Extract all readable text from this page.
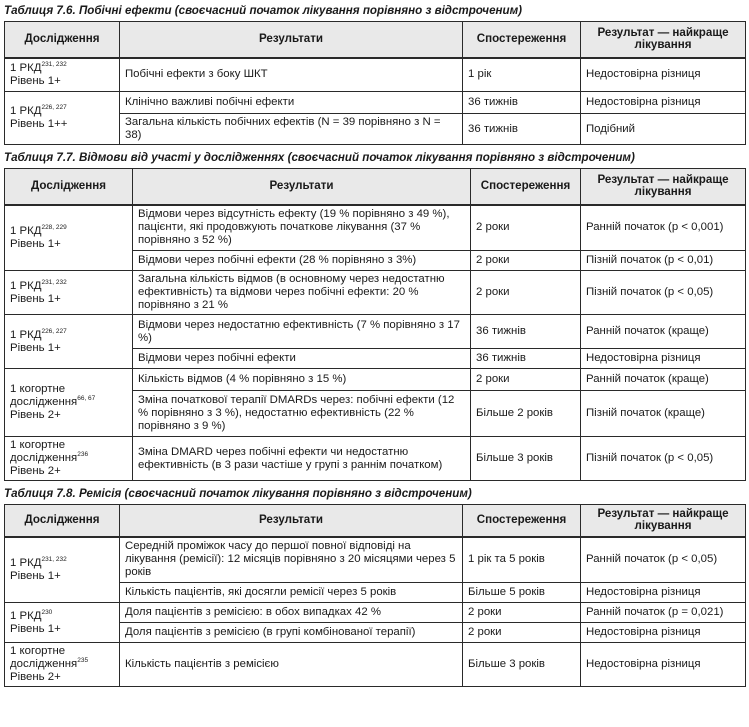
Таблиця 7.6. Побічні ефекти (своєчасний початок лікування порівняно з відстроченим)
Дослідження	Результати	Спостереження	Результат — найкраще лікування
1 РКД$^{231, 232}$
Рівень 1+	Побічні ефекти з боку ШКТ	1 рік	Недостовірна різниця
1 РКД$^{226, 227}$
Рівень 1++	Клінічно важливі побічні ефекти	36 тижнів	Недостовірна різниця
	Загальна кількість побічних ефектів (N = 39 порівняно з N = 38)	36 тижнів	Подібний
Таблиця 7.7. Відмови від участі у дослідженнях (своєчасний початок лікування порівняно з відстроченим)
Дослідження	Результати	Спостереження	Результат — найкраще лікування
1 РКД$^{228, 229}$
Рівень 1+	Відмови через відсутність ефекту (19 % порівняно з 49 %), пацієнти, які продовжують початкове лікування (37 % порівняно з 52 %)	2 роки	Ранній початок (р < 0,001)
	Відмови через побічні ефекти (28 % порівняно з 3%)	2 роки	Пізній початок (р < 0,01)
1 РКД$^{231, 232}$
Рівень 1+	Загальна кількість відмов (в основному через недостатню ефективність) та відмови через побічні ефекти: 20 % порівняно з 21 %	2 роки	Пізній початок (р < 0,05)
1 РКД$^{226, 227}$
Рівень 1+	Відмови через недостатню ефективність (7 % порівняно з 17 %)	36 тижнів	Ранній початок (краще)
	Відмови через побічні ефекти	36 тижнів	Недостовірна різниця
1 когортне дослідження$^{66, 67}$
Рівень 2+	Кількість відмов (4 % порівняно з 15 %)	2 роки	Ранній початок (краще)
	Зміна початкової терапії DMARDs через: побічні ефекти (12 % порівняно з 3 %), недостатню ефективність (22 % порівняно з 9 %)	Більше 2 років	Пізній початок (краще)
1 когортне дослідження$^{236}$
Рівень 2+	Зміна DMARD через побічні ефекти чи недостатню ефективність (в 3 рази частіше у групі з раннім початком)	Більше 3 років	Пізній початок (р < 0,05)
Таблиця 7.8. Ремісія (своєчасний початок лікування порівняно з відстроченим)
Дослідження	Результати	Спостереження	Результат — найкраще лікування
1 РКД$^{231, 232}$
Рівень 1+	Середній проміжок часу до першої повної відповіді на лікування (ремісії): 12 місяців порівняно з 20 місяцями через 5 років	1 рік та 5 років	Ранній початок (р < 0,05)
	Кількість пацієнтів, які досягли ремісії через 5 років	Більше 5 років	Недостовірна різниця
1 РКД$^{230}$
Рівень 1+	Доля пацієнтів з ремісією: в обох випадках 42 %	2 роки	Ранній початок (р = 0,021)
	Доля пацієнтів з ремісією (в групі комбінованої терапії)	2 роки	Недостовірна різниця
1 когортне дослідження$^{235}$
Рівень 2+	Кількість пацієнтів з ремісією	Більше 3 років	Недостовірна різниця
